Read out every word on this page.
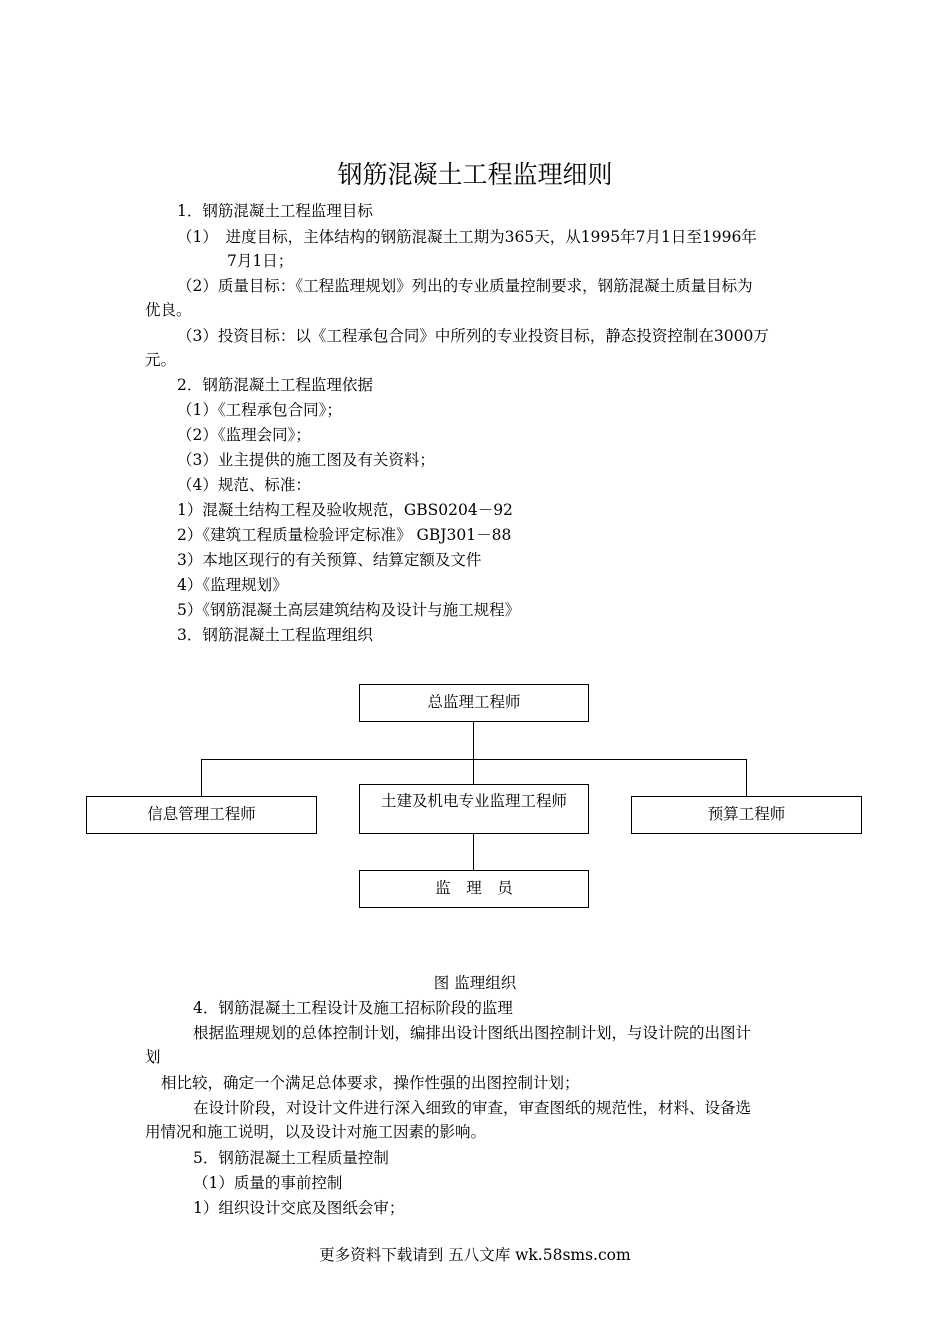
钢筋混凝土工程监理细则
1．钢筋混凝土工程监理目标
（1）　进度目标，主体结构的钢筋混凝土工期为365天，从1995年7月1日至1996年
7月1日；
（2）质量目标：《工程监理规划》列出的专业质量控制要求，钢筋混凝土质量目标为
优良。
（3）投资目标：以《工程承包合同》中所列的专业投资目标，静态投资控制在3000万
元。
2．钢筋混凝土工程监理依据
（1）《工程承包合同》；
（2）《监理会同》；
（3）业主提供的施工图及有关资料；
（4）规范、标准：
1）混凝土结构工程及验收规范，GBS0204－92
2）《建筑工程质量检验评定标准》 GBJ301－88
3）本地区现行的有关预算、结算定额及文件
4）《监理规划》
5）《钢筋混凝土高层建筑结构及设计与施工规程》
3．钢筋混凝土工程监理组织
总监理工程师
信息管理工程师
土建及机电专业监理工程师
预算工程师
监　理　员
图 监理组织
4．钢筋混凝土工程设计及施工招标阶段的监理
根据监理规划的总体控制计划，编排出设计图纸出图控制计划，与设计院的出图计
划
相比较，确定一个满足总体要求，操作性强的出图控制计划；
在设计阶段，对设计文件进行深入细致的审查，审查图纸的规范性，材料、设备选
用情况和施工说明，以及设计对施工因素的影响。
5．钢筋混凝土工程质量控制
（1）质量的事前控制
1）组织设计交底及图纸会审；
更多资料下载请到 五八文库 wk.58sms.com
